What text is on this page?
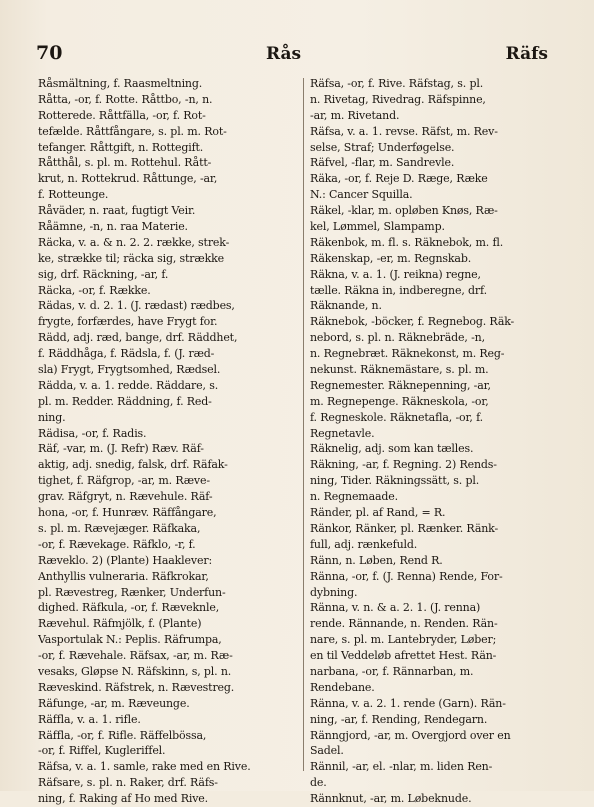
70	Rås	Räfs
Råsmältning, f. Raasmeltning.
Råtta, -or, f. Rotte. Råttbo, -n, n.
Rotterede. Råttfälla, -or, f. Rot-
tefælde. Råttfångare, s. pl. m. Rot-
tefanger. Råttgift, n. Rottegift.
Råtthål, s. pl. m. Rottehul. Rått-
krut, n. Rottekrud. Råttunge, -ar,
f. Rotteunge.
Råväder, n. raat, fugtigt Veir.
Råämne, -n, n. raa Materie.
Räcka, v. a. & n. 2. 2. række, strek-
ke, strække til; räcka sig, strække
sig, drf. Räckning, -ar, f.
Räcka, -or, f. Række.
Rädas, v. d. 2. 1. (J. rædast) rædbes,
frygte, forfærdes, have Frygt for.
Rädd, adj. ræd, bange, drf. Räddhet,
f. Räddhåga, f. Rädsla, f. (J. ræd-
sla) Frygt, Frygtsomhed, Rædsel.
Rädda, v. a. 1. redde. Räddare, s.
pl. m. Redder. Räddning, f. Red-
ning.
Rädisa, -or, f. Radis.
Räf, -var, m. (J. Refr) Ræv. Räf-
aktig, adj. snedig, falsk, drf. Räfak-
tighet, f. Räfgrop, -ar, m. Ræve-
grav. Räfgryt, n. Rævehule. Räf-
hona, -or, f. Hunræv. Räffångare,
s. pl. m. Rævejæger. Räfkaka,
-or, f. Rævekage. Räfklo, -r, f.
Ræveklo. 2) (Plante) Haaklever:
Anthyllis vulneraria. Räfkrokar,
pl. Rævestreg, Rænker, Underfun-
dighed. Räfkula, -or, f. Ræveknle,
Rævehul. Räfmjölk, f. (Plante)
Vasportulak N.: Peplis. Räfrumpa,
-or, f. Rævehale. Räfsax, -ar, m. Ræ-
vesaks, Gløpse N. Räfskinn, s, pl. n.
Ræveskind. Räfstrek, n. Rævestreg.
Räfunge, -ar, m. Ræveunge.
Räffla, v. a. 1. rifle.
Räffla, -or, f. Rifle. Räffelbössa,
-or, f. Riffel, Kugleriffel.
Räfsa, v. a. 1. samle, rake med en Rive.
Räfsare, s. pl. n. Raker, drf. Räfs-
ning, f. Raking af Ho med Rive.
Räfsa, -or, f. Rive. Räfstag, s. pl.
n. Rivetag, Rivedrag. Räfspinne,
-ar, m. Rivetand.
Räfsa, v. a. 1. revse. Räfst, m. Rev-
selse, Straf; Underføgelse.
Räfvel, -flar, m. Sandrevle.
Räka, -or, f. Reje D. Ræge, Ræke
N.: Cancer Squilla.
Räkel, -klar, m. opløben Knøs, Ræ-
kel, Lømmel, Slampamp.
Räkenbok, m. fl. s. Räknebok, m. fl.
Räkenskap, -er, m. Regnskab.
Räkna, v. a. 1. (J. reikna) regne,
tælle. Räkna in, indberegne, drf.
Räknande, n.
Räknebok, -böcker, f. Regnebog. Räk-
nebord, s. pl. n. Räknebräde, -n,
n. Regnebræt. Räknekonst, m. Reg-
nekunst. Räknemästare, s. pl. m.
Regnemester. Räknepenning, -ar,
m. Regnepenge. Räkneskola, -or,
f. Regneskole. Räknetafla, -or, f.
Regnetavle.
Räknelig, adj. som kan tælles.
Räkning, -ar, f. Regning. 2) Rends-
ning, Tider. Räkningssätt, s. pl.
n. Regnemaade.
Ränder, pl. af Rand, = R.
Ränkor, Ränker, pl. Rænker. Ränk-
full, adj. rænkefuld.
Ränn, n. Løben, Rend R.
Ränna, -or, f. (J. Renna) Rende, For-
dybning.
Ränna, v. n. & a. 2. 1. (J. renna)
rende. Rännande, n. Renden. Rän-
nare, s. pl. m. Lantebryder, Løber;
en til Veddeløb afrettet Hest. Rän-
narbana, -or, f. Rännarban, m.
Rendebane.
Ränna, v. a. 2. 1. rende (Garn). Rän-
ning, -ar, f. Rending, Rendegarn.
Ränngjord, -ar, m. Overgjord over en
Sadel.
Rännil, -ar, el. -nlar, m. liden Ren-
de.
Rännknut, -ar, m. Løbeknude.
